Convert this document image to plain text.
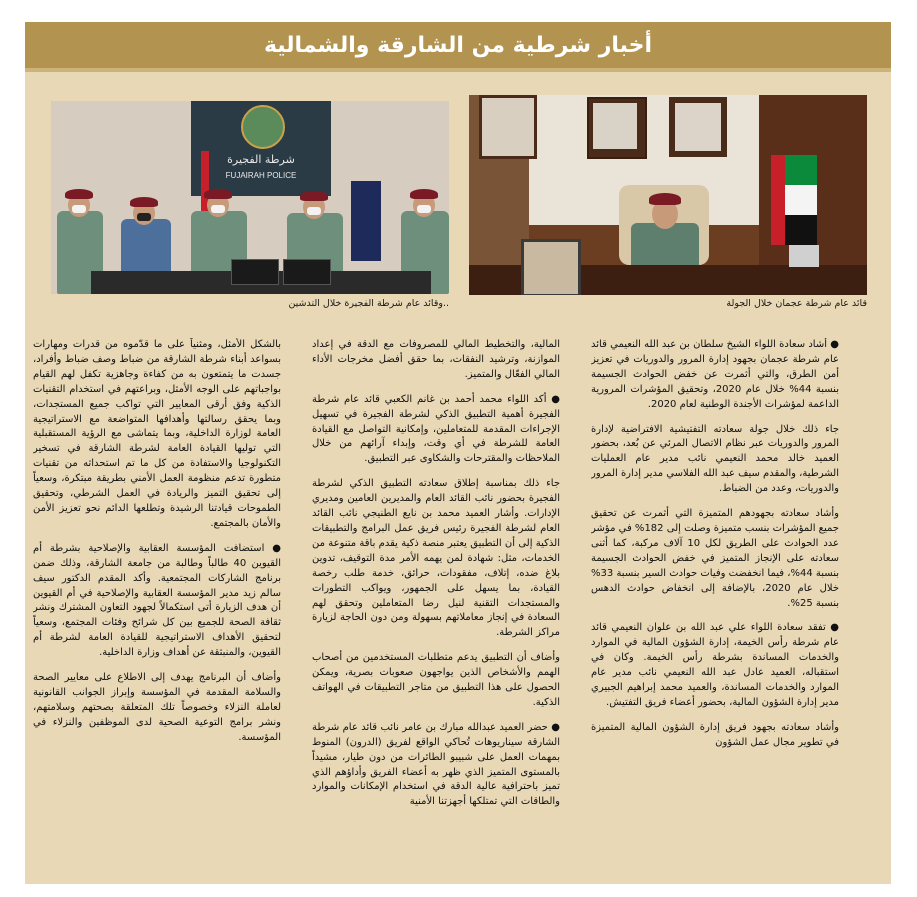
أخبار شرطية من الشارقة والشمالية
قائد عام شرطة عجمان خلال الجولة
شرطة الفجيرة
FUJAIRAH POLICE
..وقائد عام شرطة الفجيرة خلال التدشين

● أشاد سعادة اللواء الشيخ سلطان بن عبد الله النعيمي قائد عام شرطة عجمان بجهود إدارة المرور والدوريات في تعزيز أمن الطرق، والتي أثمرت عن خفض الحوادث الجسيمة بنسبة 44% خلال عام 2020، وتحقيق المؤشرات المرورية الداعمة لمؤشرات الأجندة الوطنية لعام 2020.

جاء ذلك خلال جولة سعادته التفتيشية الافتراضية لإدارة المرور والدوريات عبر نظام الاتصال المرئي عن بُعد، بحضور العميد خالد محمد النعيمي نائب مدير عام العمليات الشرطية، والمقدم سيف عبد الله الفلاسي مدير إدارة المرور والدوريات، وعدد من الضباط.

وأشاد سعادته بجهودهم المتميزة التي أثمرت عن تحقيق جميع المؤشرات بنسب متميزة وصلت إلى 182% في مؤشر عدد الحوادث على الطريق لكل 10 آلاف مركبة، كما أثنى سعادته على الإنجاز المتميز في خفض الحوادث الجسيمة بنسبة 44%، فيما انخفضت وفيات حوادث السير بنسبة 33% خلال عام 2020، بالإضافة إلى انخفاض حوادث الدهس بنسبة 25%.

● تفقد سعادة اللواء علي عبد الله بن علوان النعيمي قائد عام شرطة رأس الخيمة، إدارة الشؤون المالية في الموارد والخدمات المساندة بشرطة رأس الخيمة. وكان في استقباله، العميد عادل عبد الله النعيمي نائب مدير عام الموارد والخدمات المساندة، والعميد محمد إبراهيم الجبيري مدير إدارة الشؤون المالية، بحضور أعضاء فريق التفتيش.

وأشاد سعادته بجهود فريق إدارة الشؤون المالية المتميزة في تطوير مجال عمل الشؤون

المالية، والتخطيط المالي للمصروفات مع الدقة في إعداد الموازنة، وترشيد النفقات، بما حقق أفضل مخرجات الأداء المالي الفعّال والمتميز.

● أكد اللواء محمد أحمد بن غانم الكعبي قائد عام شرطة الفجيرة أهمية التطبيق الذكي لشرطة الفجيرة في تسهيل الإجراءات المقدمة للمتعاملين، وإمكانية التواصل مع القيادة العامة للشرطة في أي وقت، وإبداء آرائهم من خلال الملاحظات والمقترحات والشكاوى عبر التطبيق.

جاء ذلك بمناسبة إطلاق سعادته التطبيق الذكي لشرطة الفجيرة بحضور نائب القائد العام والمديرين العامين ومديري الإدارات. وأشار العميد محمد بن نايع الطنيجي نائب القائد العام لشرطة الفجيرة رئيس فريق عمل البرامج والتطبيقات الذكية إلى أن التطبيق يعتبر منصة ذكية يقدم باقة متنوعة من الخدمات، مثل: شهادة لمن يهمه الأمر مدة التوقيف، تدوين بلاغ ضده، إتلاف، مفقودات، حرائق، خدمة طلب رخصة القيادة، بما يسهل على الجمهور، ويواكب التطورات والمستجدات التقنية لنيل رضا المتعاملين وتحقق لهم السعادة في إنجاز معاملاتهم بسهولة ومن دون الحاجة لزيارة مراكز الشرطة.

وأضاف أن التطبيق يدعم متطلبات المستخدمين من أصحاب الهمم والأشخاص الذين يواجهون صعوبات بصرية، ويمكن الحصول على هذا التطبيق من متاجر التطبيقات في الهواتف الذكية.

● حضر العميد عبدالله مبارك بن عامر نائب قائد عام شرطة الشارقة سيناريوهات تُحاكي الواقع لفريق (الدرون) المنوط بمهمات العمل على شبيبو الطائرات من دون طيار، مشيداً بالمستوى المتميز الذي ظهر به أعضاء الفريق وأداؤهم الذي تميز باحترافية عالية الدقة في استخدام الإمكانات والموارد والطاقات التي تمتلكها أجهزتنا الأمنية

بالشكل الأمثل، ومثنياً على ما قدّموه من قدرات ومهارات بسواعد أبناء شرطة الشارقة من ضباط وصف ضباط وأفراد، جسدت ما يتمتعون به من كفاءة وجاهزية تكفل لهم القيام بواجباتهم على الوجه الأمثل، وبراعتهم في استخدام التقنيات الذكية وفق أرقى المعايير التي تواكب جميع المستجدات، وبما يحقق رسالتها وأهدافها المتواضعة مع الاستراتيجية العامة لوزارة الداخلية، وبما يتماشى مع الرؤية المستقبلية التي توليها القيادة العامة لشرطة الشارقة في تسخير التكنولوجيا والاستفادة من كل ما تم استحداثه من تقنيات متطورة تدعم منظومة العمل الأمني بطريقة مبتكرة، وسعياً إلى تحقيق التميز والريادة في العمل الشرطي، وتحقيق الطموحات قيادتنا الرشيدة وتطلعها الدائم نحو تعزيز الأمن والأمان بالمجتمع.

● استضافت المؤسسة العقابية والإصلاحية بشرطة أم القيوين 40 طالباً وطالبة من جامعة الشارقة، وذلك ضمن برنامج الشاركات المجتمعية. وأكد المقدم الدكتور سيف سالم زيد مدير المؤسسة العقابية والإصلاحية في أم القيوين أن هدف الزيارة أتى استكمالاً لجهود التعاون المشترك ونشر ثقافة الصحة للجميع بين كل شرائح وفئات المجتمع، وسعياً لتحقيق الأهداف الاستراتيجية للقيادة العامة لشرطة أم القيوين، والمنبثقة عن أهداف وزارة الداخلية.

وأضاف أن البرنامج يهدف إلى الاطلاع على معايير الصحة والسلامة المقدمة في المؤسسة وإبراز الجوانب القانونية لعاملة النزلاء وخصوصاً تلك المتعلقة بصحتهم وسلامتهم، ونشر برامج التوعية الصحية لدى الموظفين والنزلاء في المؤسسة.
